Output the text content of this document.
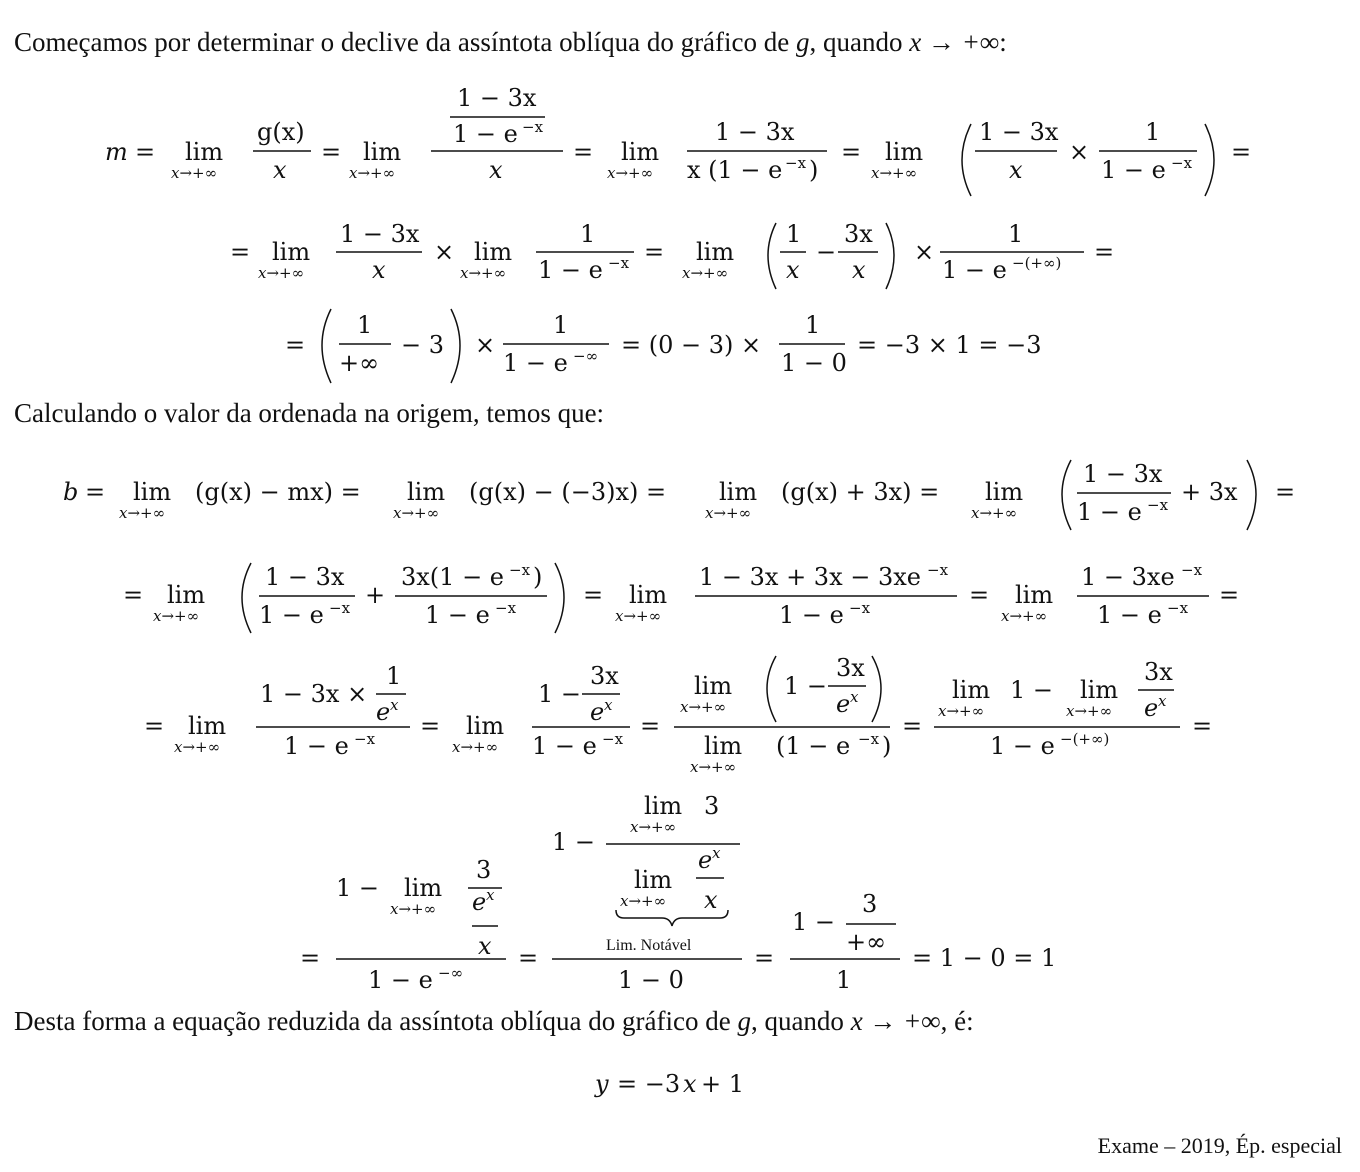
Começamos por determinar o declive da assíntota oblíqua do gráfico de g, quando x → +∞:
m = lim
x→+∞
g(x)
x
= lim
x→+∞
1 − 3x
1 − e −x
x
= lim
x→+∞
1 − 3x
x (1 − e −x )
= lim
x→+∞
1 − 3x
x
×
1
1 − e −x =
= lim
x→+∞
1 − 3x
x
× lim
x→+∞
1
1 − e −x = lim
x→+∞
1
x
−
3x
x
×
1
1 − e −(+∞) =
=
1
+∞
− 3 ×
1
1 − e −∞ = (0 − 3) ×
1
1 − 0
= −3 × 1 = −3
Calculando o valor da ordenada na origem, temos que:
b = lim
x→+∞
(g(x) − mx) = lim
x→+∞
(g(x) − (−3)x) = lim
x→+∞
(g(x) + 3x) = lim
x→+∞
1 − 3x
1 − e −x + 3x =
= lim
x→+∞
1 − 3x
1 − e −x +
3x(1 − e −x )
1 − e −x	= lim
x→+∞
1 − 3x + 3x − 3xe −x
1 − e −x	= lim
x→+∞
1 − 3xe −x
1 − e −x =
= lim
x→+∞
1 − 3x ×
1
e x
1 − e −x = lim
x→+∞
1 −
3x
e x
1 − e −x =
lim
x→+∞
1 −
3x
e x
lim
x→+∞
(1 − e −x )
=
lim
x→+∞
1 − lim
x→+∞
3x
e x
1 − e −(+∞)	=
=
1 − lim
x→+∞
3
e x
x
1 − e −∞
=
1 −
lim
x→+∞
3
lim
x→+∞
e x
x
Lim. Notável
1 − 0
=
1 −
3
+∞
1
= 1 − 0 = 1
Desta forma a equação reduzida da assíntota oblíqua do gráfico de g, quando x → +∞, é:
y = −3 x + 1
Exame – 2019, Ép. especial
